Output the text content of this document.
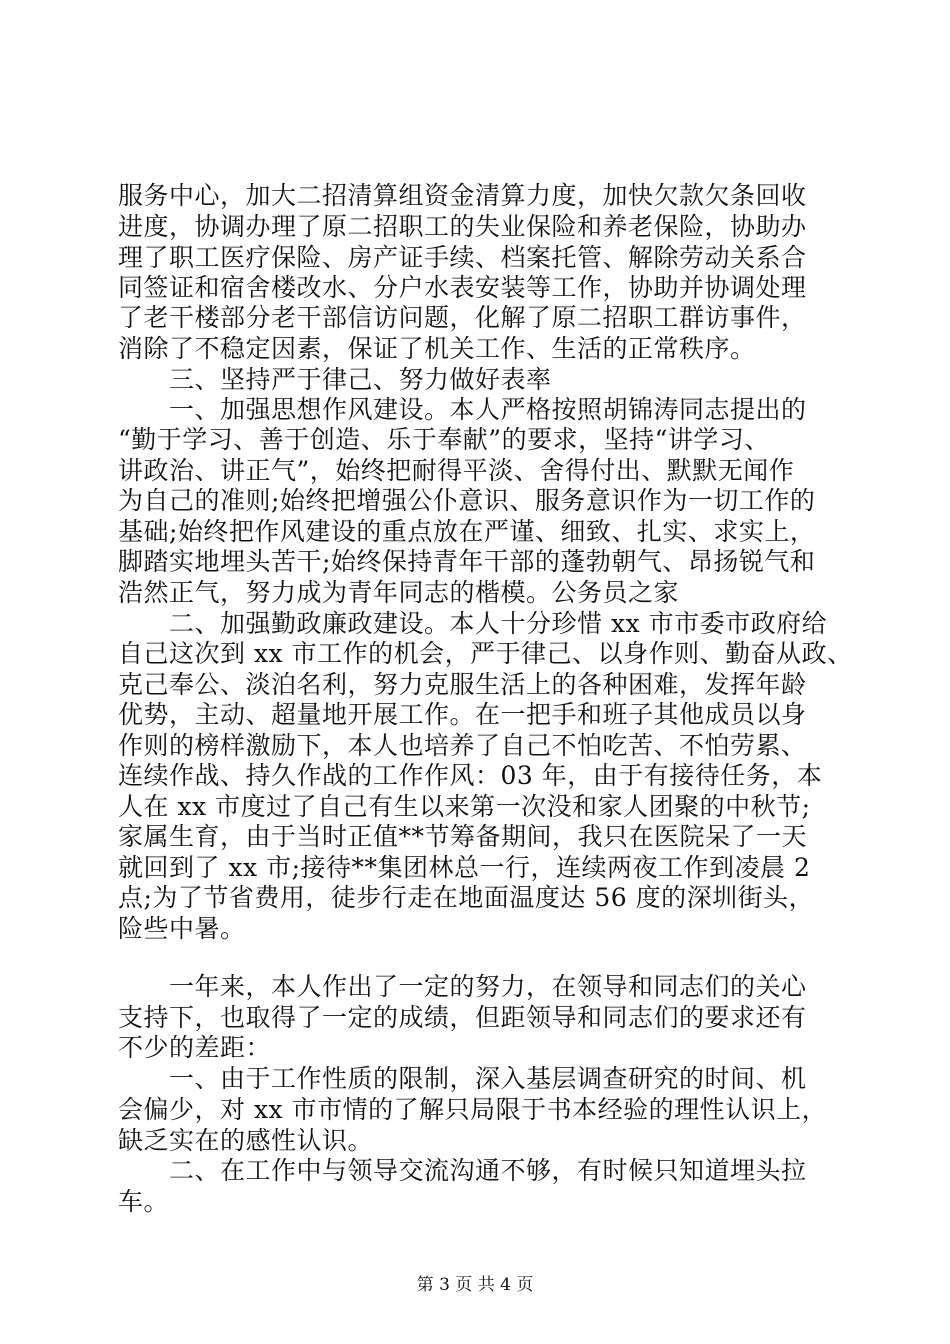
服务中心，加大二招清算组资金清算力度，加快欠款欠条回收
进度，协调办理了原二招职工的失业保险和养老保险，协助办
理了职工医疗保险、房产证手续、档案托管、解除劳动关系合
同签证和宿舍楼改水、分户水表安装等工作，协助并协调处理
了老干楼部分老干部信访问题，化解了原二招职工群访事件，
消除了不稳定因素，保证了机关工作、生活的正常秩序。
　　三、坚持严于律己、努力做好表率
　　一、加强思想作风建设。本人严格按照胡锦涛同志提出的
“勤于学习、善于创造、乐于奉献”的要求，坚持“讲学习、
讲政治、讲正气”，始终把耐得平淡、舍得付出、默默无闻作
为自己的准则;始终把增强公仆意识、服务意识作为一切工作的
基础;始终把作风建设的重点放在严谨、细致、扎实、求实上，
脚踏实地埋头苦干;始终保持青年干部的蓬勃朝气、昂扬锐气和
浩然正气，努力成为青年同志的楷模。公务员之家
　　二、加强勤政廉政建设。本人十分珍惜 xx 市市委市政府给
自己这次到 xx 市工作的机会，严于律己、以身作则、勤奋从政、
克己奉公、淡泊名利，努力克服生活上的各种困难，发挥年龄
优势，主动、超量地开展工作。在一把手和班子其他成员以身
作则的榜样激励下，本人也培养了自己不怕吃苦、不怕劳累、
连续作战、持久作战的工作作风：03 年，由于有接待任务，本
人在 xx 市度过了自己有生以来第一次没和家人团聚的中秋节;
家属生育，由于当时正值**节筹备期间，我只在医院呆了一天
就回到了 xx 市;接待**集团林总一行，连续两夜工作到凌晨 2
点;为了节省费用，徒步行走在地面温度达 56 度的深圳街头，
险些中暑。
　　一年来，本人作出了一定的努力，在领导和同志们的关心
支持下，也取得了一定的成绩，但距领导和同志们的要求还有
不少的差距：
　　一、由于工作性质的限制，深入基层调查研究的时间、机
会偏少，对 xx 市市情的了解只局限于书本经验的理性认识上，
缺乏实在的感性认识。
　　二、在工作中与领导交流沟通不够，有时候只知道埋头拉
车。
第 3 页 共 4 页
